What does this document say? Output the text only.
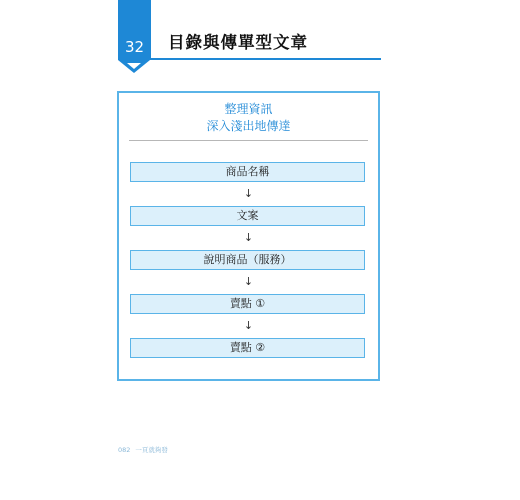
32	目錄與傳單型文章
整理資訊
深入淺出地傳達
商品名稱
↓
文案
↓
說明商品（服務）
↓
賣點 ①
↓
賣點 ②
082 一頁就夠發
